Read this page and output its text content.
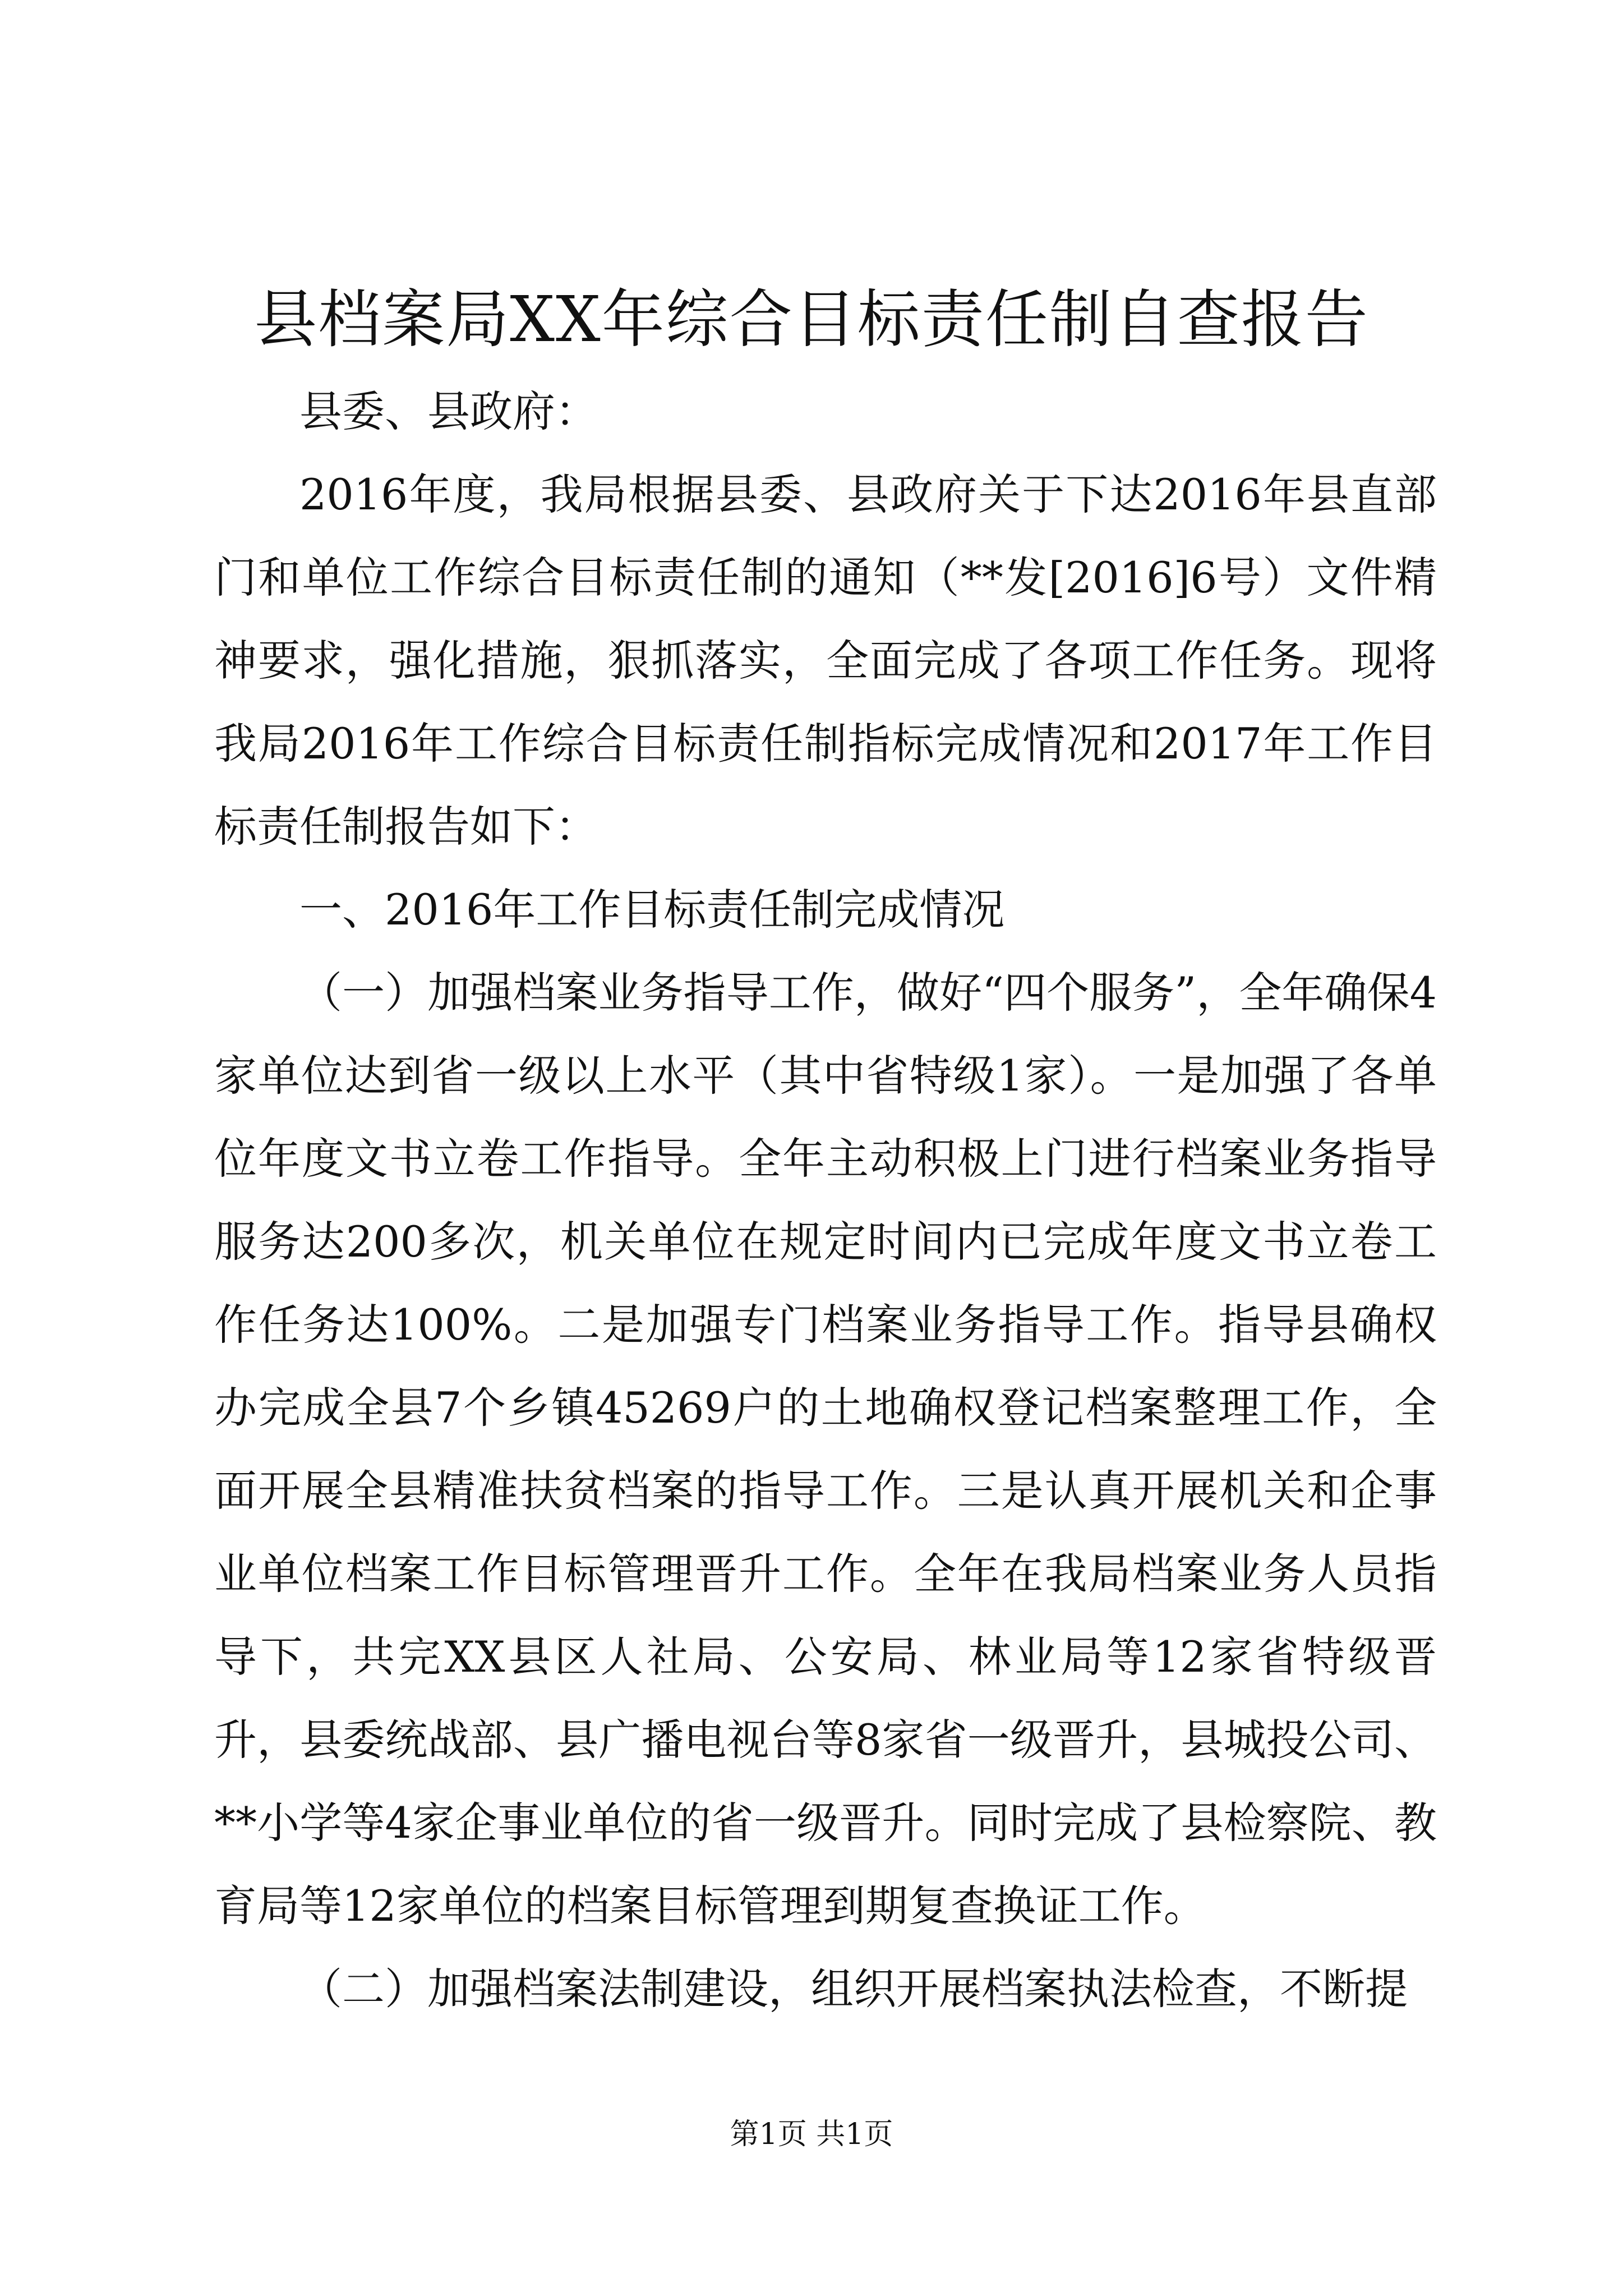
县档案局XX年综合目标责任制自查报告

县委、县政府：

2016年度，我局根据县委、县政府关于下达2016年县直部门和单位工作综合目标责任制的通知（**发[2016]6号）文件精神要求，强化措施，狠抓落实，全面完成了各项工作任务。现将我局2016年工作综合目标责任制指标完成情况和2017年工作目标责任制报告如下：

一、2016年工作目标责任制完成情况

（一）加强档案业务指导工作，做好“四个服务”，全年确保4家单位达到省一级以上水平（其中省特级1家）。一是加强了各单位年度文书立卷工作指导。全年主动积极上门进行档案业务指导服务达200多次，机关单位在规定时间内已完成年度文书立卷工作任务达100%。二是加强专门档案业务指导工作。指导县确权办完成全县7个乡镇45269户的土地确权登记档案整理工作，全面开展全县精准扶贫档案的指导工作。三是认真开展机关和企事业单位档案工作目标管理晋升工作。全年在我局档案业务人员指导下，共完XX县区人社局、公安局、林业局等12家省特级晋升，县委统战部、县广播电视台等8家省一级晋升，县城投公司、**小学等4家企事业单位的省一级晋升。同时完成了县检察院、教育局等12家单位的档案目标管理到期复查换证工作。

（二）加强档案法制建设，组织开展档案执法检查，不断提

第1页 共1页
